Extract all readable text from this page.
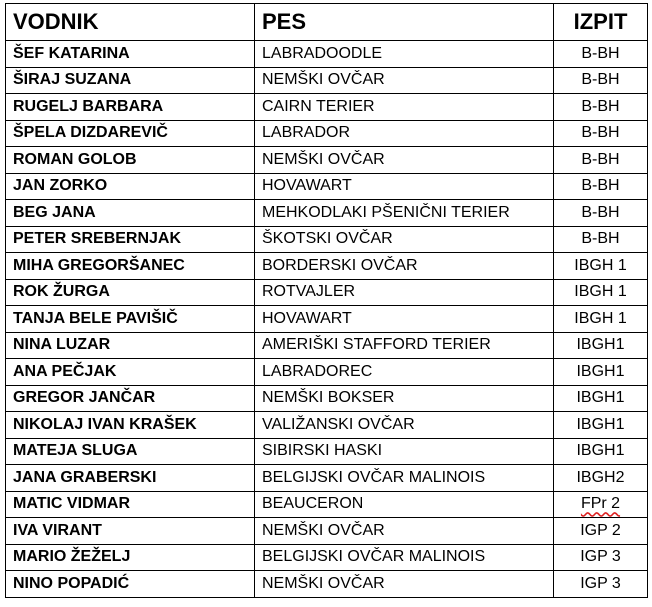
VODNIK	PES	IZPIT
ŠEF KATARINA	LABRADOODLE	B-BH
ŠIRAJ SUZANA	NEMŠKI OVČAR	B-BH
RUGELJ BARBARA	CAIRN TERIER	B-BH
ŠPELA DIZDAREVIČ	LABRADOR	B-BH
ROMAN GOLOB	NEMŠKI OVČAR	B-BH
JAN ZORKO	HOVAWART	B-BH
BEG JANA	MEHKODLAKI PŠENIČNI TERIER	B-BH
PETER SREBERNJAK	ŠKOTSKI OVČAR	B-BH
MIHA GREGORŠANEC	BORDERSKI OVČAR	IBGH 1
ROK ŽURGA	ROTVAJLER	IBGH 1
TANJA BELE PAVIŠIČ	HOVAWART	IBGH 1
NINA LUZAR	AMERIŠKI STAFFORD TERIER	IBGH1
ANA PEČJAK	LABRADOREC	IBGH1
GREGOR JANČAR	NEMŠKI BOKSER	IBGH1
NIKOLAJ IVAN KRAŠEK	VALIŽANSKI OVČAR	IBGH1
MATEJA SLUGA	SIBIRSKI HASKI	IBGH1
JANA GRABERSKI	BELGIJSKI OVČAR MALINOIS	IBGH2
MATIC VIDMAR	BEAUCERON	FPr 2
IVA VIRANT	NEMŠKI OVČAR	IGP 2
MARIO ŽEŽELJ	BELGIJSKI OVČAR MALINOIS	IGP 3
NINO POPADIĆ	NEMŠKI OVČAR	IGP 3
